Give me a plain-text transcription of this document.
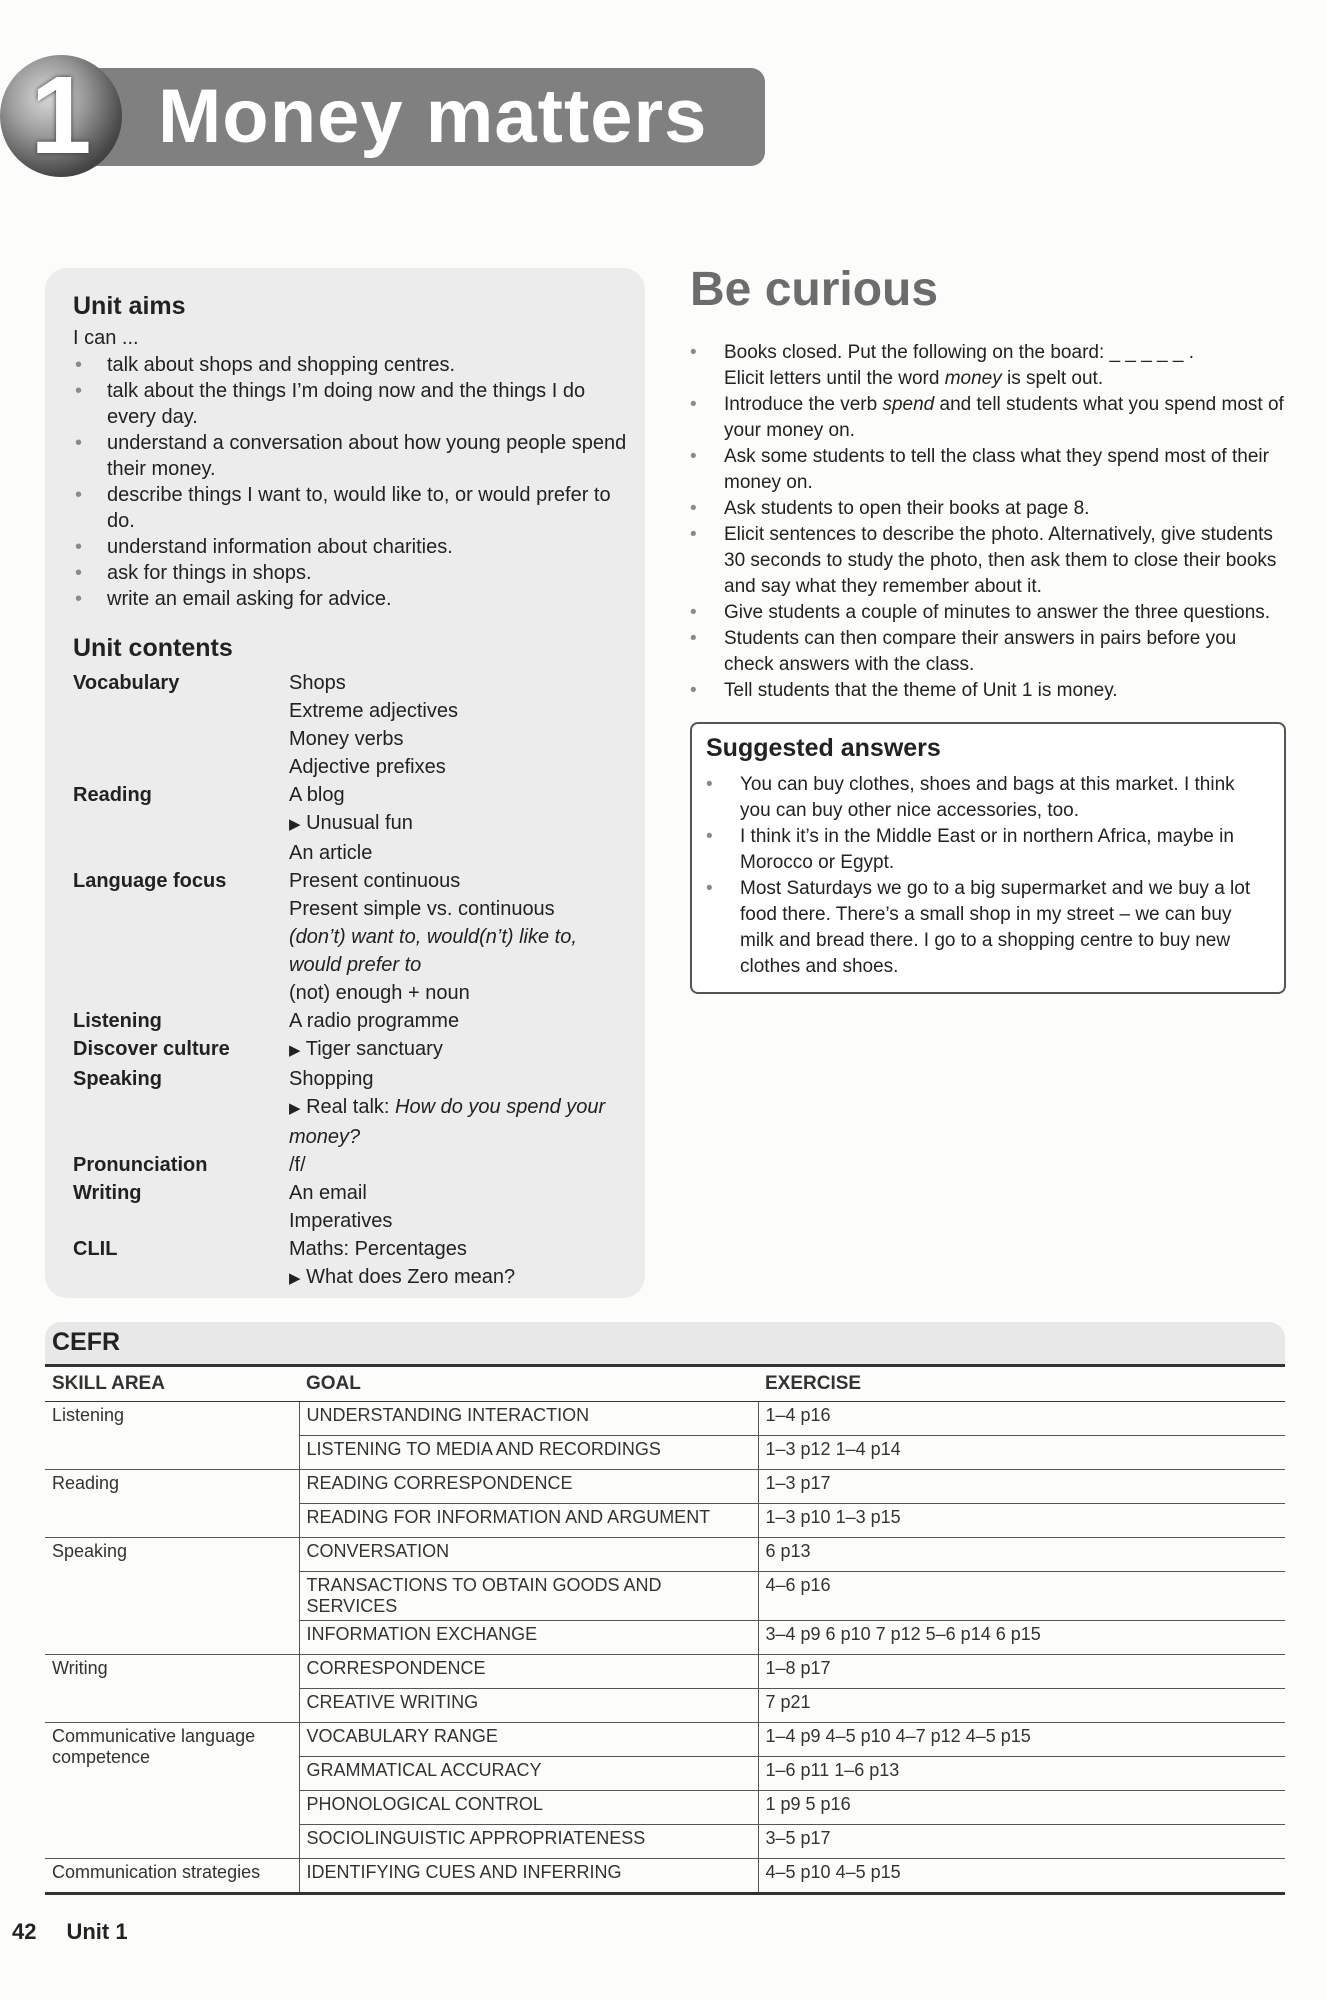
Money matters
1
Unit aims
I can ...
• talk about shops and shopping centres.
• talk about the things I’m doing now and the things I do every day.
• understand a conversation about how young people spend their money.
• describe things I want to, would like to, or would prefer to do.
• understand information about charities.
• ask for things in shops.
• write an email asking for advice.
Unit contents
Vocabulary	Shops
Extreme adjectives
Money verbs
Adjective prefixes
Reading	A blog
▶ Unusual fun
An article
Language focus	Present continuous
Present simple vs. continuous
(don’t) want to, would(n’t) like to, would prefer to
(not) enough + noun
Listening	A radio programme
Discover culture	▶ Tiger sanctuary
Speaking	Shopping
▶ Real talk: How do you spend your money?
Pronunciation	/f/
Writing	An email
Imperatives
CLIL	Maths: Percentages
▶ What does Zero mean?
Be curious
• Books closed. Put the following on the board: _ _ _ _ _ .
Elicit letters until the word money is spelt out.
• Introduce the verb spend and tell students what you spend most of your money on.
• Ask some students to tell the class what they spend most of their money on.
• Ask students to open their books at page 8.
• Elicit sentences to describe the photo. Alternatively, give students 30 seconds to study the photo, then ask them to close their books and say what they remember about it.
• Give students a couple of minutes to answer the three questions.
• Students can then compare their answers in pairs before you check answers with the class.
• Tell students that the theme of Unit 1 is money.
Suggested answers
• You can buy clothes, shoes and bags at this market. I think you can buy other nice accessories, too.
• I think it’s in the Middle East or in northern Africa, maybe in Morocco or Egypt.
• Most Saturdays we go to a big supermarket and we buy a lot food there. There’s a small shop in my street – we can buy milk and bread there. I go to a shopping centre to buy new clothes and shoes.
CEFR
SKILL AREA	GOAL	EXERCISE
Listening	UNDERSTANDING INTERACTION	1–4 p16
	LISTENING TO MEDIA AND RECORDINGS	1–3 p12 1–4 p14
Reading	READING CORRESPONDENCE	1–3 p17
	READING FOR INFORMATION AND ARGUMENT	1–3 p10 1–3 p15
Speaking	CONVERSATION	6 p13
	TRANSACTIONS TO OBTAIN GOODS AND SERVICES	4–6 p16
	INFORMATION EXCHANGE	3–4 p9 6 p10 7 p12 5–6 p14 6 p15
Writing	CORRESPONDENCE	1–8 p17
	CREATIVE WRITING	7 p21
Communicative language competence	VOCABULARY RANGE	1–4 p9 4–5 p10 4–7 p12 4–5 p15
	GRAMMATICAL ACCURACY	1–6 p11 1–6 p13
	PHONOLOGICAL CONTROL	1 p9 5 p16
	SOCIOLINGUISTIC APPROPRIATENESS	3–5 p17
Communication strategies	IDENTIFYING CUES AND INFERRING	4–5 p10 4–5 p15
42 Unit 1
